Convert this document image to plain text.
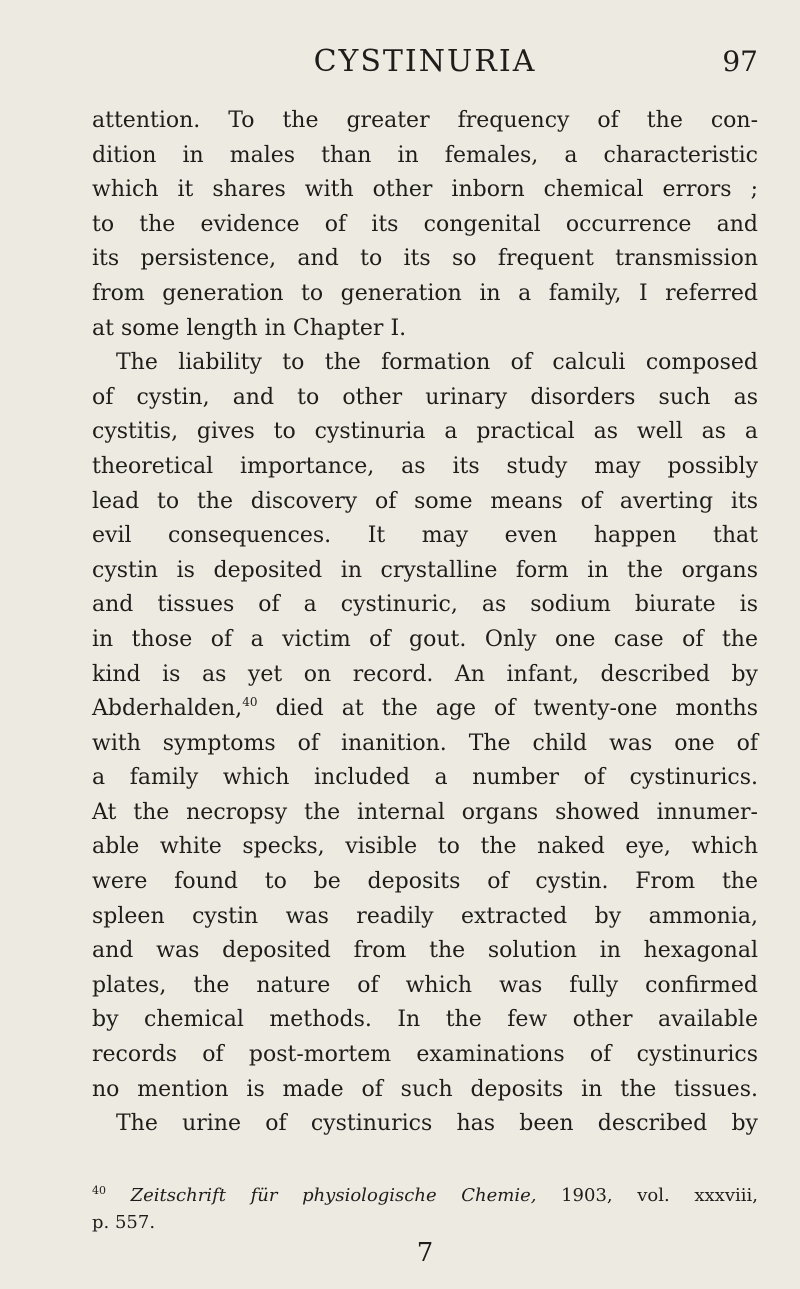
CYSTINURIA	97
attention. To the greater frequency of the con-
dition in males than in females, a characteristic
which it shares with other inborn chemical errors ;
to the evidence of its congenital occurrence and
its persistence, and to its so frequent transmission
from generation to generation in a family, I referred
at some length in Chapter I.
The liability to the formation of calculi composed
of cystin, and to other urinary disorders such as
cystitis, gives to cystinuria a practical as well as a
theoretical importance, as its study may possibly
lead to the discovery of some means of averting its
evil consequences. It may even happen that
cystin is deposited in crystalline form in the organs
and tissues of a cystinuric, as sodium biurate is
in those of a victim of gout. Only one case of the
kind is as yet on record. An infant, described by
Abderhalden,$^{40}$ died at the age of twenty-one months
with symptoms of inanition. The child was one of
a family which included a number of cystinurics.
At the necropsy the internal organs showed innumer-
able white specks, visible to the naked eye, which
were found to be deposits of cystin. From the
spleen cystin was readily extracted by ammonia,
and was deposited from the solution in hexagonal
plates, the nature of which was fully confirmed
by chemical methods. In the few other available
records of post-mortem examinations of cystinurics
no mention is made of such deposits in the tissues.
The urine of cystinurics has been described by
$^{40}$ Zeitschrift für physiologische Chemie, 1903, vol. xxxviii,
p. 557.
7
